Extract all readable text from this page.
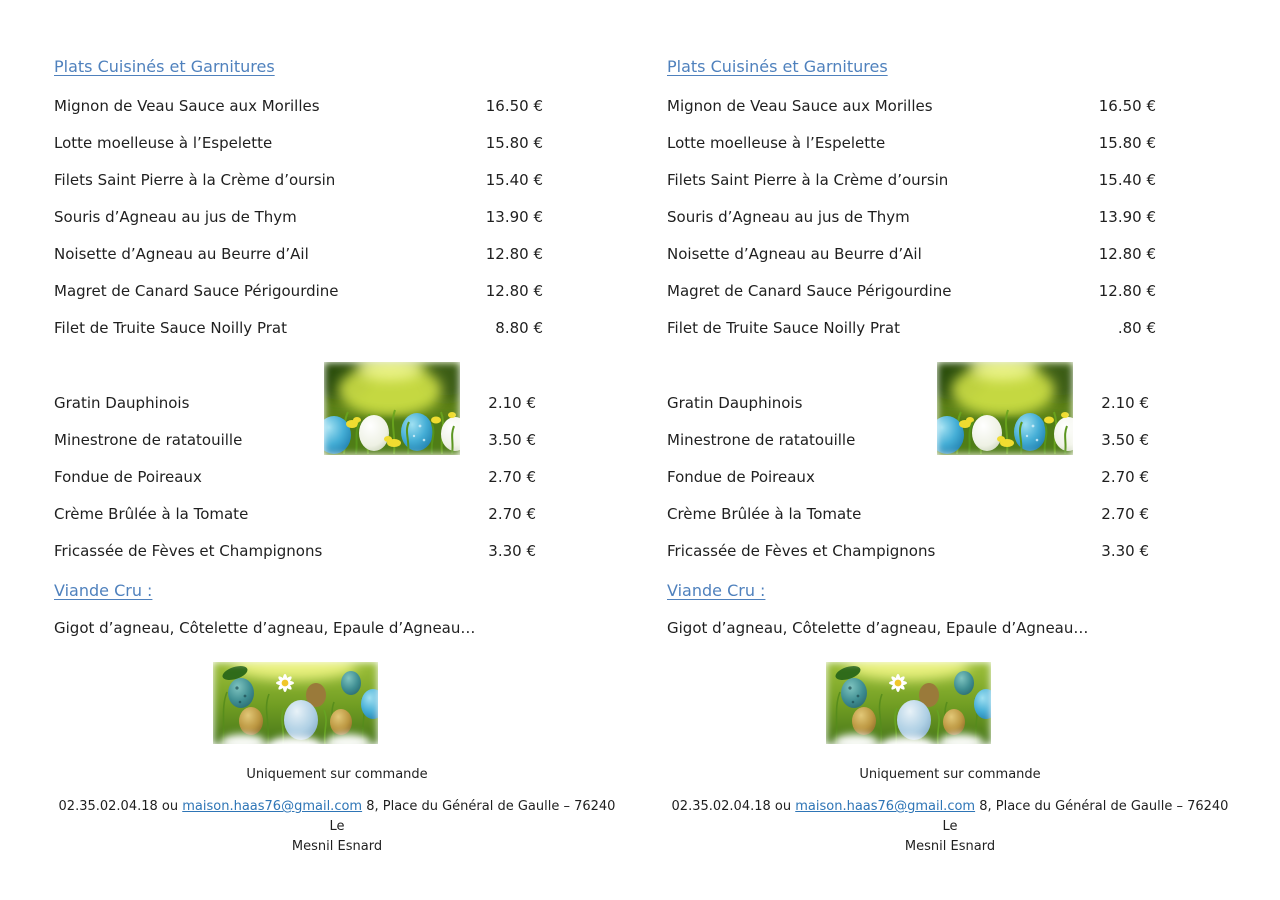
Plats Cuisinés et Garnitures
Mignon de Veau Sauce aux Morilles	16.50 €
Lotte moelleuse à l’Espelette	15.80 €
Filets Saint Pierre à la Crème d’oursin	15.40 €
Souris d’Agneau au jus de Thym	13.90 €
Noisette d’Agneau au Beurre d’Ail	12.80 €
Magret de Canard Sauce Périgourdine	12.80 €
Filet de Truite Sauce Noilly Prat	8.80 €
Gratin Dauphinois	2.10 €
Minestrone de ratatouille	3.50 €
Fondue de Poireaux	2.70 €
Crème Brûlée à la Tomate	2.70 €
Fricassée de Fèves et Champignons	3.30 €
Viande Cru :

Gigot d’agneau, Côtelette d’agneau, Epaule d’Agneau…

Uniquement sur commande
02.35.02.04.18 ou maison.haas76@gmail.com 8, Place du Général de Gaulle – 76240 Le
Mesnil Esnard
Plats Cuisinés et Garnitures
Mignon de Veau Sauce aux Morilles	16.50 €
Lotte moelleuse à l’Espelette	15.80 €
Filets Saint Pierre à la Crème d’oursin	15.40 €
Souris d’Agneau au jus de Thym	13.90 €
Noisette d’Agneau au Beurre d’Ail	12.80 €
Magret de Canard Sauce Périgourdine	12.80 €
Filet de Truite Sauce Noilly Prat	.80 €
Gratin Dauphinois	2.10 €
Minestrone de ratatouille	3.50 €
Fondue de Poireaux	2.70 €
Crème Brûlée à la Tomate	2.70 €
Fricassée de Fèves et Champignons	3.30 €
Viande Cru :

Gigot d’agneau, Côtelette d’agneau, Epaule d’Agneau…

Uniquement sur commande
02.35.02.04.18 ou maison.haas76@gmail.com 8, Place du Général de Gaulle – 76240 Le
Mesnil Esnard
